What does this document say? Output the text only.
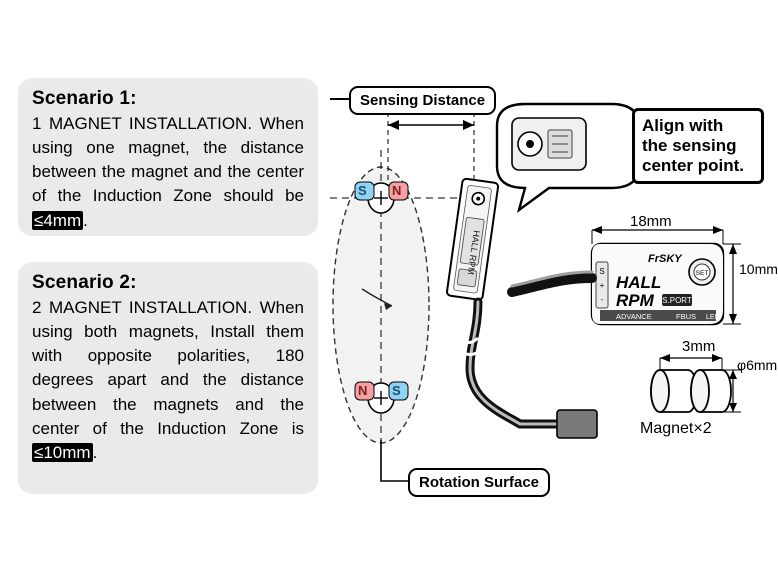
HALL RPM	S
+
-
FrSKY
HALL
RPM S.PORT
SET
ADVANCE	FBUS LED
Scenario 1:
1 MAGNET INSTALLATION. When using one magnet, the distance between the magnet and the center of the Induction Zone should be ≤4mm .
Scenario 2:
2 MAGNET INSTALLATION. When using both magnets, Install them with opposite polarities, 180 degrees apart and the distance between the magnets and the center of the Induction Zone is ≤10mm .
Sensing Distance
Rotation Surface
Align with
the sensing
center point.
S N
N S
18mm
10mm
3mm
φ6mm
Magnet×2
